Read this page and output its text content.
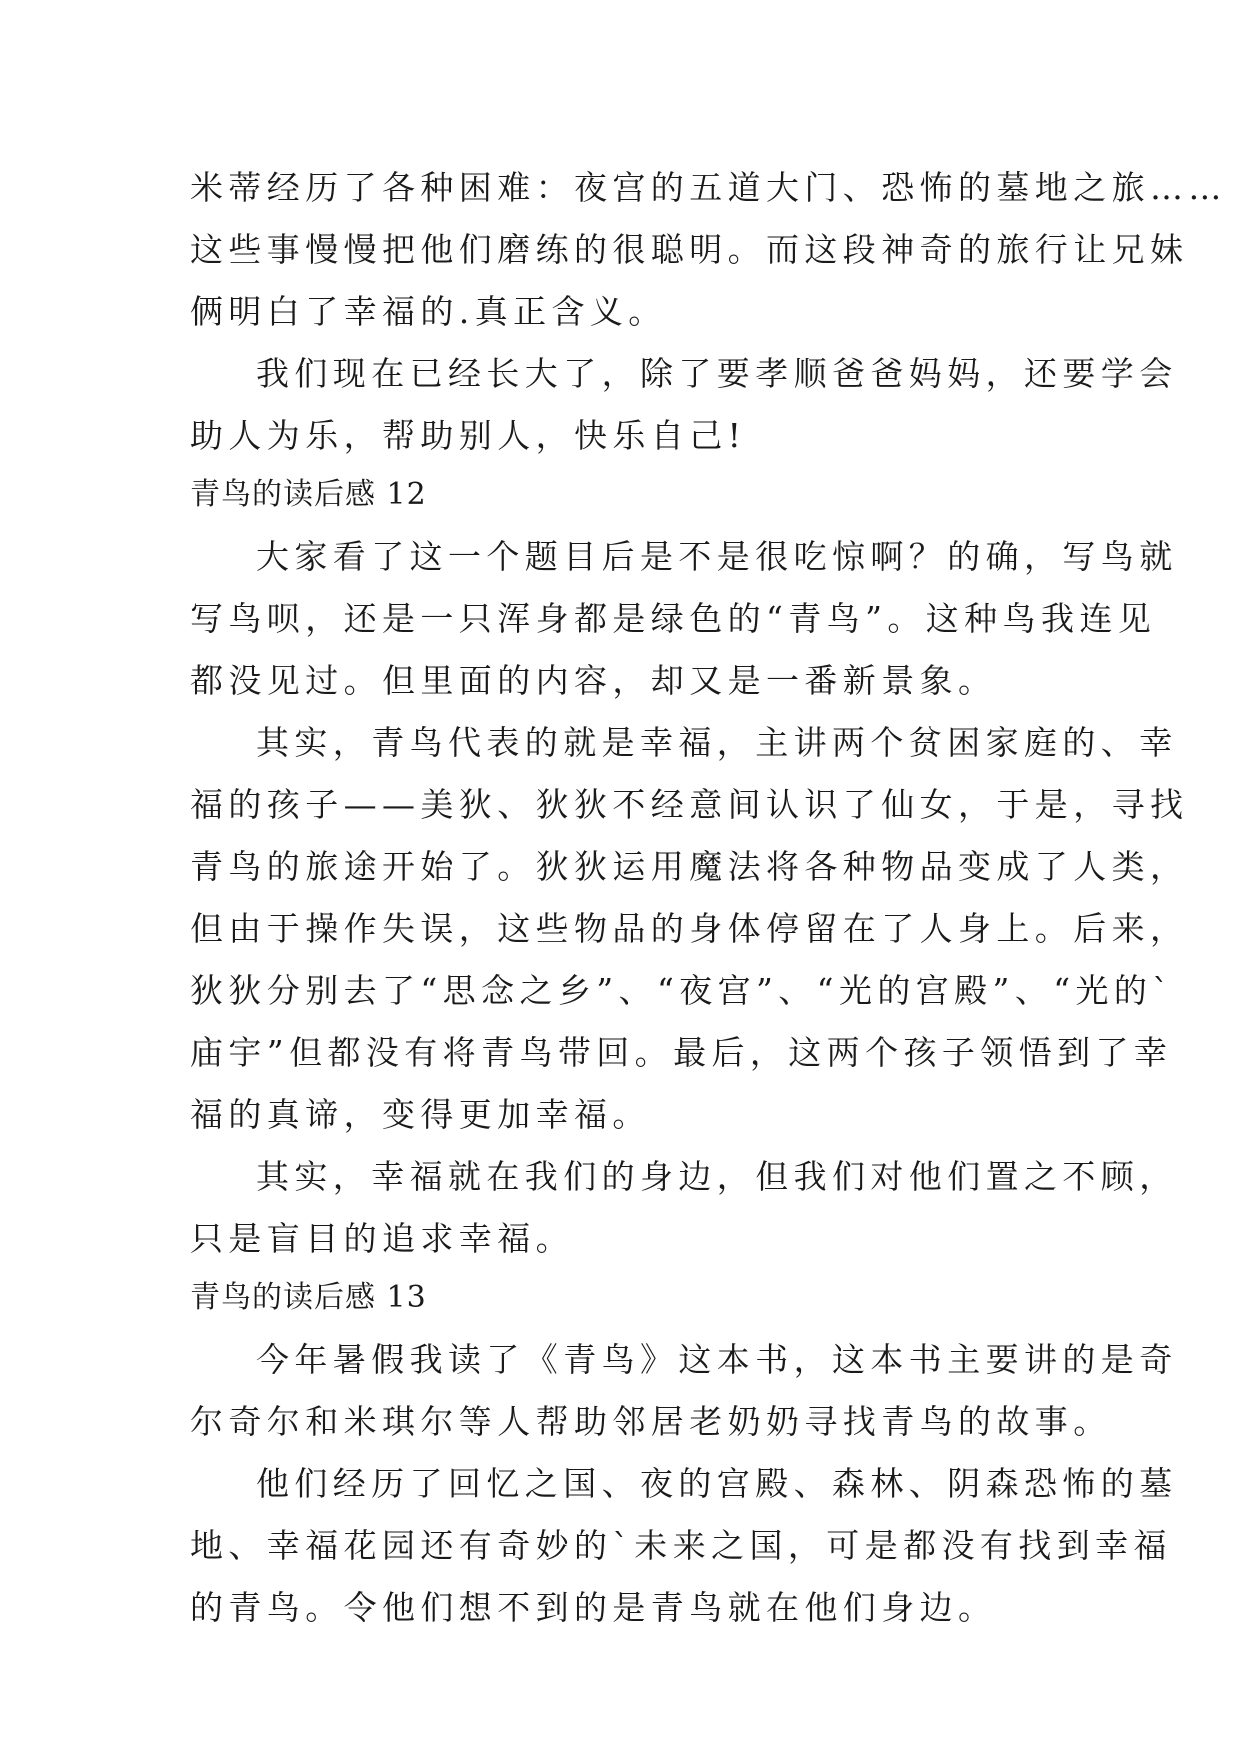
米蒂经历了各种困难：夜宫的五道大门、恐怖的墓地之旅……
这些事慢慢把他们磨练的很聪明。而这段神奇的旅行让兄妹
俩明白了幸福的.真正含义。
我们现在已经长大了，除了要孝顺爸爸妈妈，还要学会
助人为乐，帮助别人，快乐自己!
青鸟的读后感 12
大家看了这一个题目后是不是很吃惊啊？的确，写鸟就
写鸟呗，还是一只浑身都是绿色的“青鸟”。这种鸟我连见
都没见过。但里面的内容，却又是一番新景象。
其实，青鸟代表的就是幸福，主讲两个贫困家庭的、幸
福的孩子——美狄、狄狄不经意间认识了仙女，于是，寻找
青鸟的旅途开始了。狄狄运用魔法将各种物品变成了人类，
但由于操作失误，这些物品的身体停留在了人身上。后来，
狄狄分别去了“思念之乡”、“夜宫”、“光的宫殿”、“光的`
庙宇”但都没有将青鸟带回。最后，这两个孩子领悟到了幸
福的真谛，变得更加幸福。
其实，幸福就在我们的身边，但我们对他们置之不顾，
只是盲目的追求幸福。
青鸟的读后感 13
今年暑假我读了《青鸟》这本书，这本书主要讲的是奇
尔奇尔和米琪尔等人帮助邻居老奶奶寻找青鸟的故事。
他们经历了回忆之国、夜的宫殿、森林、阴森恐怖的墓
地、幸福花园还有奇妙的`未来之国，可是都没有找到幸福
的青鸟。令他们想不到的是青鸟就在他们身边。
